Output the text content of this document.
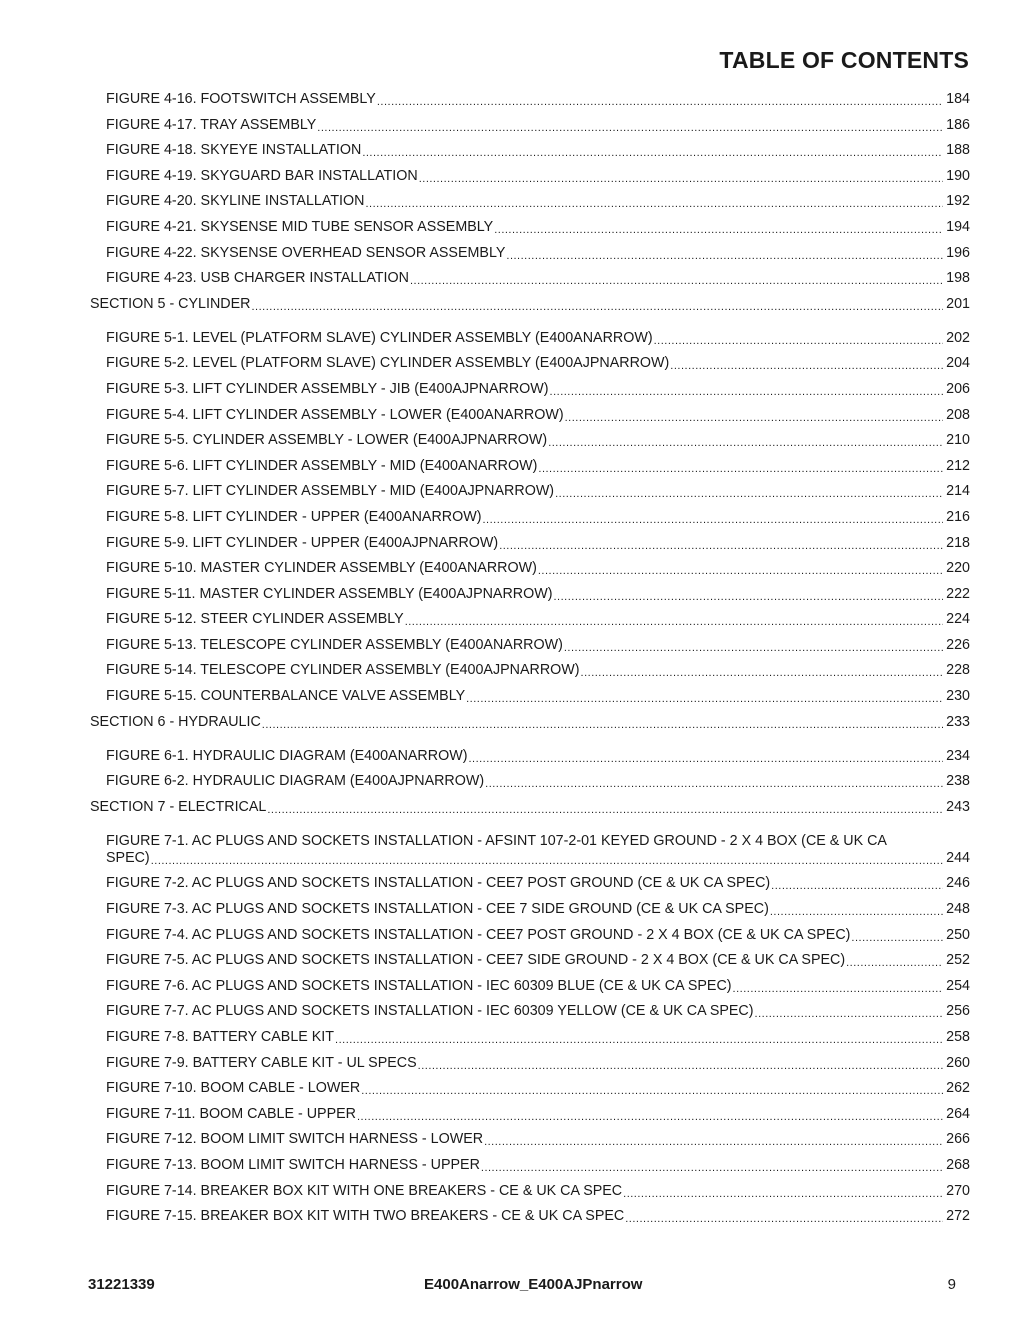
TABLE OF CONTENTS
FIGURE 4-16. FOOTSWITCH ASSEMBLY .....	184
FIGURE 4-17. TRAY ASSEMBLY .....	186
FIGURE 4-18. SKYEYE INSTALLATION .....	188
FIGURE 4-19. SKYGUARD BAR INSTALLATION .....	190
FIGURE 4-20. SKYLINE INSTALLATION .....	192
FIGURE 4-21. SKYSENSE MID TUBE SENSOR ASSEMBLY .....	194
FIGURE 4-22. SKYSENSE OVERHEAD SENSOR ASSEMBLY .....	196
FIGURE 4-23. USB CHARGER INSTALLATION .....	198
SECTION 5 - CYLINDER .....	201
FIGURE 5-1. LEVEL (PLATFORM SLAVE) CYLINDER ASSEMBLY (E400ANARROW) .....	202
FIGURE 5-2. LEVEL (PLATFORM SLAVE) CYLINDER ASSEMBLY (E400AJPNARROW) .....	204
FIGURE 5-3. LIFT CYLINDER ASSEMBLY - JIB (E400AJPNARROW) .....	206
FIGURE 5-4. LIFT CYLINDER ASSEMBLY - LOWER (E400ANARROW) .....	208
FIGURE 5-5. CYLINDER ASSEMBLY - LOWER (E400AJPNARROW) .....	210
FIGURE 5-6. LIFT CYLINDER ASSEMBLY - MID (E400ANARROW) .....	212
FIGURE 5-7. LIFT CYLINDER ASSEMBLY - MID (E400AJPNARROW) .....	214
FIGURE 5-8. LIFT CYLINDER - UPPER (E400ANARROW) .....	216
FIGURE 5-9. LIFT CYLINDER - UPPER (E400AJPNARROW) .....	218
FIGURE 5-10. MASTER CYLINDER ASSEMBLY (E400ANARROW) .....	220
FIGURE 5-11. MASTER CYLINDER ASSEMBLY (E400AJPNARROW) .....	222
FIGURE 5-12. STEER CYLINDER ASSEMBLY .....	224
FIGURE 5-13. TELESCOPE CYLINDER ASSEMBLY (E400ANARROW) .....	226
FIGURE 5-14. TELESCOPE CYLINDER ASSEMBLY (E400AJPNARROW) .....	228
FIGURE 5-15. COUNTERBALANCE VALVE ASSEMBLY .....	230
SECTION 6 - HYDRAULIC .....	233
FIGURE 6-1. HYDRAULIC DIAGRAM (E400ANARROW) .....	234
FIGURE 6-2. HYDRAULIC DIAGRAM (E400AJPNARROW) .....	238
SECTION 7 - ELECTRICAL .....	243
FIGURE 7-1. AC PLUGS AND SOCKETS INSTALLATION - AFSINT 107-2-01 KEYED GROUND - 2 X 4 BOX (CE & UK CA
SPEC) .....	244
FIGURE 7-2. AC PLUGS AND SOCKETS INSTALLATION - CEE7 POST GROUND (CE & UK CA SPEC) .....	246
FIGURE 7-3. AC PLUGS AND SOCKETS INSTALLATION - CEE 7 SIDE GROUND (CE & UK CA SPEC) .....	248
FIGURE 7-4. AC PLUGS AND SOCKETS INSTALLATION - CEE7 POST GROUND - 2 X 4 BOX (CE & UK CA SPEC) .....	250
FIGURE 7-5. AC PLUGS AND SOCKETS INSTALLATION - CEE7 SIDE GROUND - 2 X 4 BOX (CE & UK CA SPEC) .....	252
FIGURE 7-6. AC PLUGS AND SOCKETS INSTALLATION - IEC 60309 BLUE (CE & UK CA SPEC) .....	254
FIGURE 7-7. AC PLUGS AND SOCKETS INSTALLATION - IEC 60309 YELLOW (CE & UK CA SPEC) .....	256
FIGURE 7-8. BATTERY CABLE KIT .....	258
FIGURE 7-9. BATTERY CABLE KIT - UL SPECS .....	260
FIGURE 7-10. BOOM CABLE - LOWER .....	262
FIGURE 7-11. BOOM CABLE - UPPER .....	264
FIGURE 7-12. BOOM LIMIT SWITCH HARNESS - LOWER .....	266
FIGURE 7-13. BOOM LIMIT SWITCH HARNESS - UPPER .....	268
FIGURE 7-14. BREAKER BOX KIT WITH ONE BREAKERS - CE & UK CA SPEC .....	270
FIGURE 7-15. BREAKER BOX KIT WITH TWO BREAKERS - CE & UK CA SPEC .....	272
31221339	E400Anarrow_E400AJPnarrow	9
